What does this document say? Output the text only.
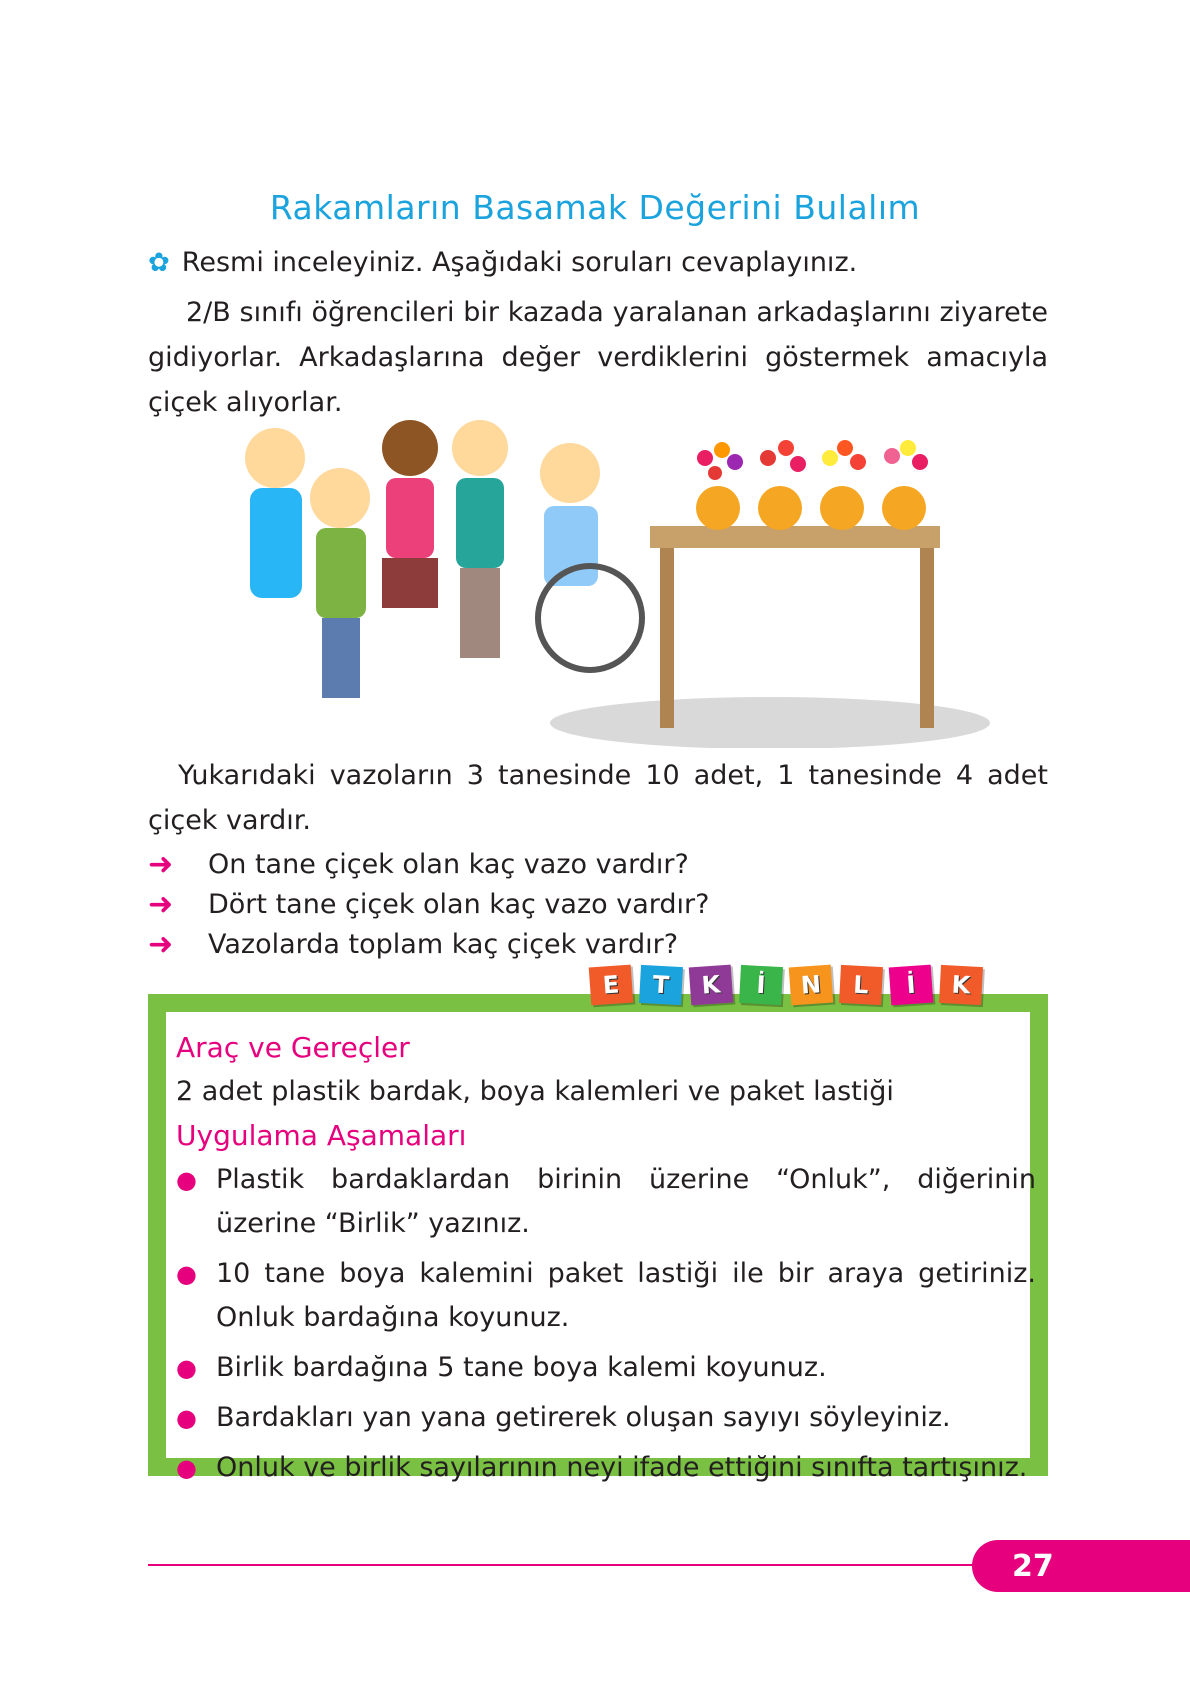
Rakamların Basamak Değerini Bulalım
✿ Resmi inceleyiniz. Aşağıdaki soruları cevaplayınız.
2/B sınıfı öğrencileri bir kazada yaralanan arkadaşlarını ziyarete gidiyorlar. Arkadaşlarına değer verdiklerini göstermek amacıyla çiçek alıyorlar.
Yukarıdaki vazoların 3 tanesinde 10 adet, 1 tanesinde 4 adet çiçek vardır.
➜	On tane çiçek olan kaç vazo vardır?
➜	Dört tane çiçek olan kaç vazo vardır?
➜	Vazolarda toplam kaç çiçek vardır?
Araç ve Gereçler
2 adet plastik bardak, boya kalemleri ve paket lastiği
Uygulama Aşamaları
● Plastik bardaklardan birinin üzerine “Onluk”, diğerinin üzerine “Birlik” yazınız.
● 10 tane boya kalemini paket lastiği ile bir araya getiriniz. Onluk bardağına koyunuz.
● Birlik bardağına 5 tane boya kalemi koyunuz.
● Bardakları yan yana getirerek oluşan sayıyı söyleyiniz.
● Onluk ve birlik sayılarının neyi ifade ettiğini sınıfta tartışınız.
E	T	K	İ	N	L	İ	K
27
